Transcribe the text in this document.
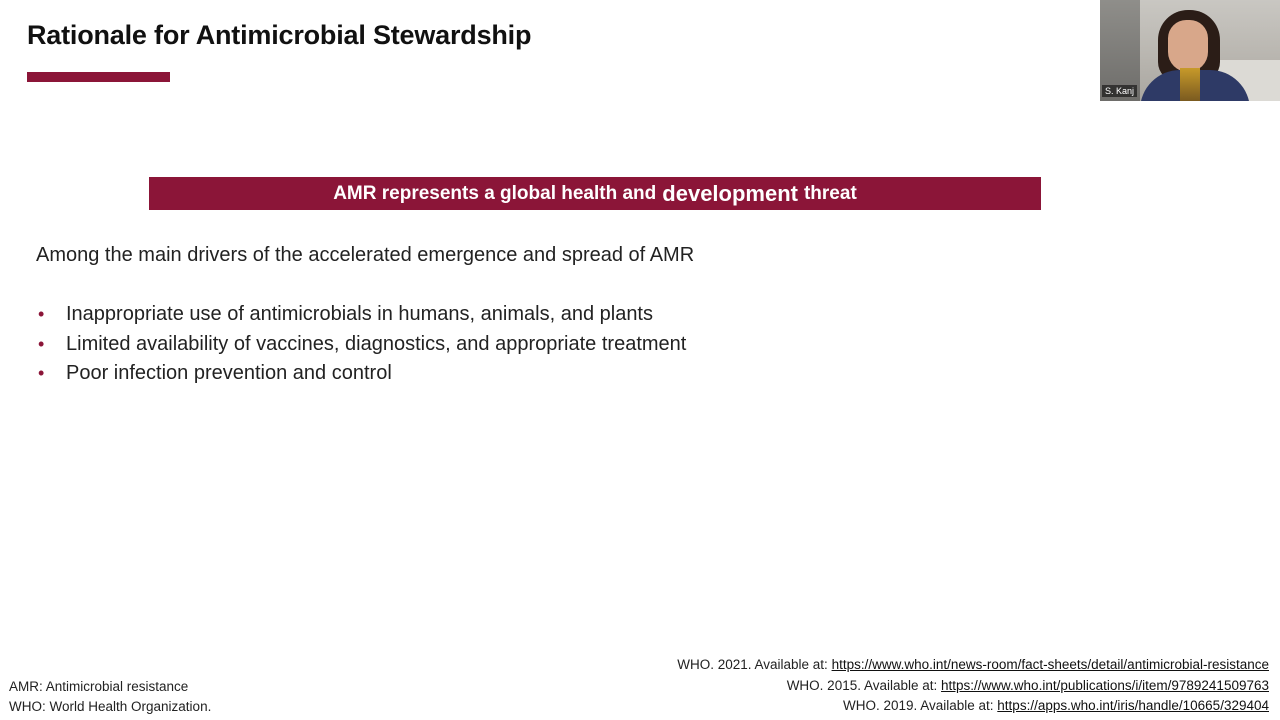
Rationale for Antimicrobial Stewardship
AMR represents a global health and development threat
Among the main drivers of the accelerated emergence and spread of AMR
• Inappropriate use of antimicrobials in humans, animals, and plants
• Limited availability of vaccines, diagnostics, and appropriate treatment
• Poor infection prevention and control
AMR: Antimicrobial resistance
WHO: World Health Organization.
WHO. 2021. Available at: https://www.who.int/news-room/fact-sheets/detail/antimicrobial-resistance
WHO. 2015. Available at: https://www.who.int/publications/i/item/9789241509763
WHO. 2019. Available at: https://apps.who.int/iris/handle/10665/329404
S. Kanj
